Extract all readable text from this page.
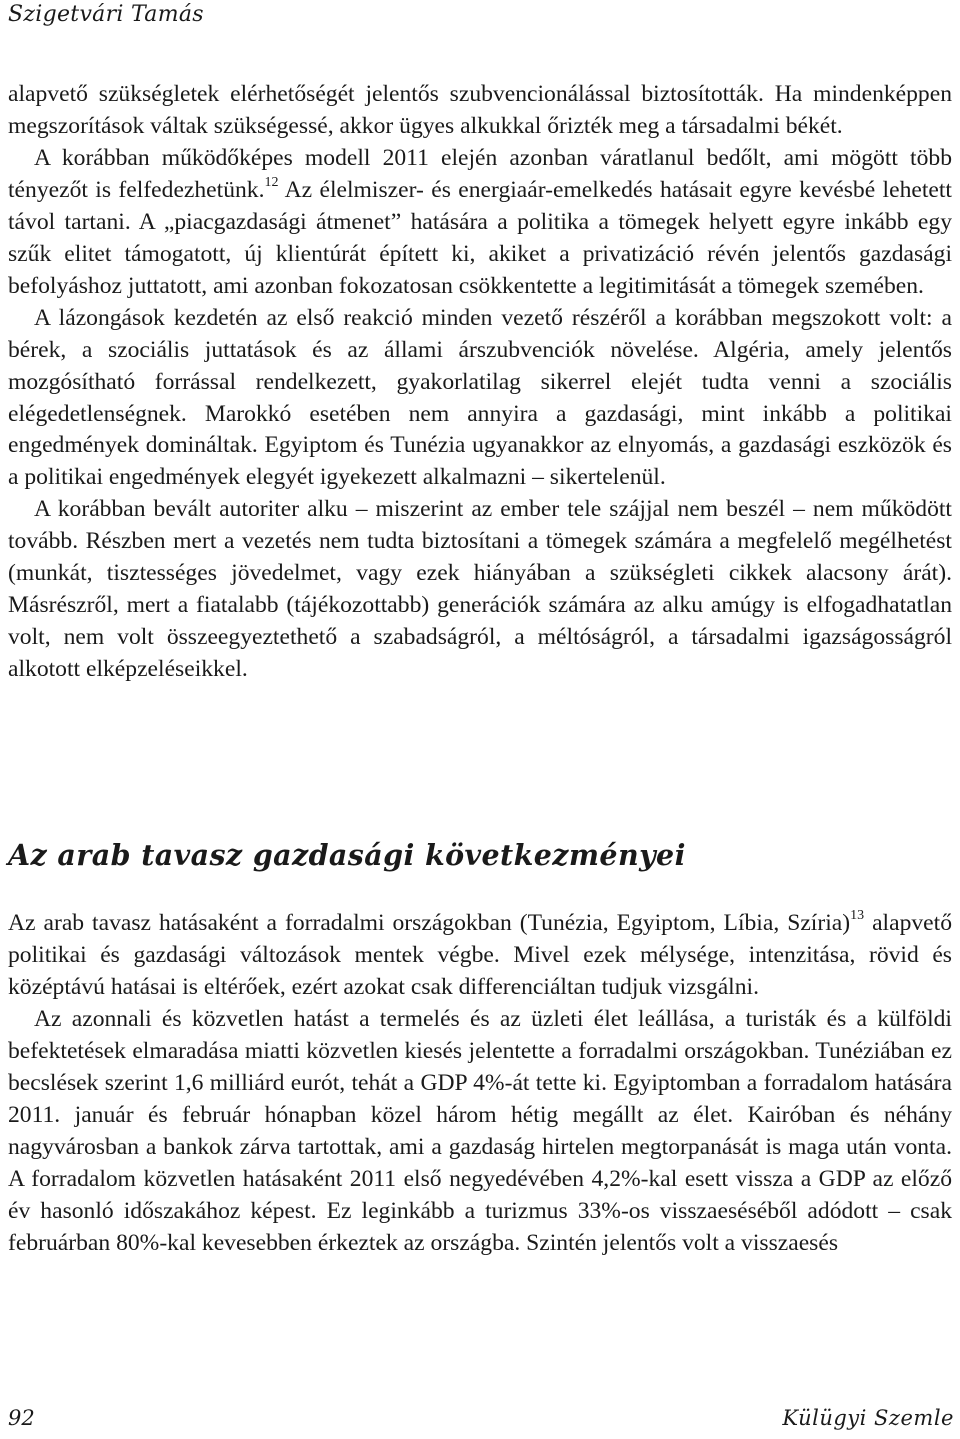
Szigetvári Tamás

alapvető szükségletek elérhetőségét jelentős szubvencionálással biztosították. Ha mindenképpen megszorítások váltak szükségessé, akkor ügyes alkukkal őrizték meg a társadalmi békét.

A korábban működőképes modell 2011 elején azonban váratlanul bedőlt, ami mögött több tényezőt is felfedezhetünk.$^{12}$ Az élelmiszer- és energiaár-emelkedés hatásait egyre kevésbé lehetett távol tartani. A „piacgazdasági átmenet” hatására a politika a tömegek helyett egyre inkább egy szűk elitet támogatott, új klientúrát épített ki, akiket a privatizáció révén jelentős gazdasági befolyáshoz juttatott, ami azonban fokozatosan csökkentette a legitimitását a tömegek szemében.

A lázongások kezdetén az első reakció minden vezető részéről a korábban megszokott volt: a bérek, a szociális juttatások és az állami árszubvenciók növelése. Algéria, amely jelentős mozgósítható forrással rendelkezett, gyakorlatilag sikerrel elejét tudta venni a szociális elégedetlenségnek. Marokkó esetében nem annyira a gazdasági, mint inkább a politikai engedmények domináltak. Egyiptom és Tunézia ugyanakkor az elnyomás, a gazdasági eszközök és a politikai engedmények elegyét igyekezett alkalmazni – sikertelenül.

A korábban bevált autoriter alku – miszerint az ember tele szájjal nem beszél – nem működött tovább. Részben mert a vezetés nem tudta biztosítani a tömegek számára a megfelelő megélhetést (munkát, tisztességes jövedelmet, vagy ezek hiányában a szükségleti cikkek alacsony árát). Másrészről, mert a fiatalabb (tájékozottabb) generációk számára az alku amúgy is elfogadhatatlan volt, nem volt összeegyeztethető a szabadságról, a méltóságról, a társadalmi igazságosságról alkotott elképzeléseikkel.

Az arab tavasz gazdasági következményei

Az arab tavasz hatásaként a forradalmi országokban (Tunézia, Egyiptom, Líbia, Szíria)$^{13}$ alapvető politikai és gazdasági változások mentek végbe. Mivel ezek mélysége, intenzitása, rövid és középtávú hatásai is eltérőek, ezért azokat csak differenciáltan tudjuk vizsgálni.

Az azonnali és közvetlen hatást a termelés és az üzleti élet leállása, a turisták és a külföldi befektetések elmaradása miatti közvetlen kiesés jelentette a forradalmi országokban. Tunéziában ez becslések szerint 1,6 milliárd eurót, tehát a GDP 4%-át tette ki. Egyiptomban a forradalom hatására 2011. január és február hónapban közel három hétig megállt az élet. Kairóban és néhány nagyvárosban a bankok zárva tartottak, ami a gazdaság hirtelen megtorpanását is maga után vonta. A forradalom közvetlen hatásaként 2011 első negyedévében 4,2%-kal esett vissza a GDP az előző év hasonló időszakához képest. Ez leginkább a turizmus 33%-os visszaeséséből adódott – csak februárban 80%-kal kevesebben érkeztek az országba. Szintén jelentős volt a visszaesés

92	Külügyi Szemle
